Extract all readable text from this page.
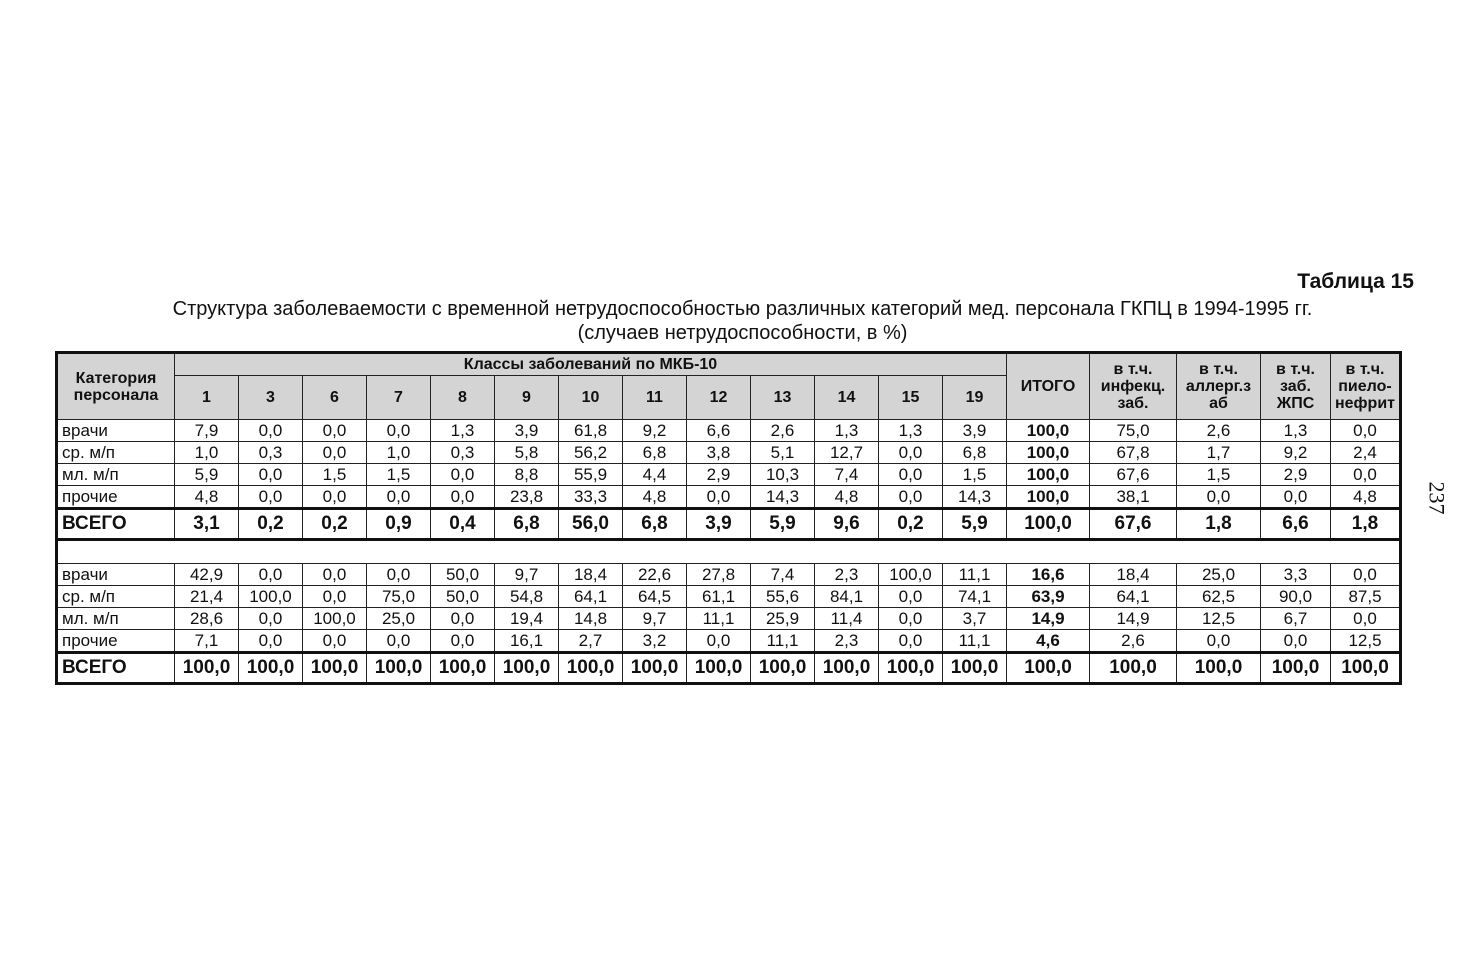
Таблица 15
Структура заболеваемости с временной нетрудоспособностью различных категорий мед. персонала ГКПЦ в 1994-1995 гг.
(случаев нетрудоспособности, в %)
237
Категория персонала	Классы заболеваний по МКБ-10													ИТОГО	в т.ч. инфекц. заб.	в т.ч. аллерг.з аб	в т.ч. заб. ЖПС	в т.ч. пиело-нефрит
	1	3	6	7	8	9	10	11	12	13	14	15	19					
врачи	7,9	0,0	0,0	0,0	1,3	3,9	61,8	9,2	6,6	2,6	1,3	1,3	3,9	100,0	75,0	2,6	1,3	0,0
ср. м/п	1,0	0,3	0,0	1,0	0,3	5,8	56,2	6,8	3,8	5,1	12,7	0,0	6,8	100,0	67,8	1,7	9,2	2,4
мл. м/п	5,9	0,0	1,5	1,5	0,0	8,8	55,9	4,4	2,9	10,3	7,4	0,0	1,5	100,0	67,6	1,5	2,9	0,0
прочие	4,8	0,0	0,0	0,0	0,0	23,8	33,3	4,8	0,0	14,3	4,8	0,0	14,3	100,0	38,1	0,0	0,0	4,8
ВСЕГО	3,1	0,2	0,2	0,9	0,4	6,8	56,0	6,8	3,9	5,9	9,6	0,2	5,9	100,0	67,6	1,8	6,6	1,8

врачи	42,9	0,0	0,0	0,0	50,0	9,7	18,4	22,6	27,8	7,4	2,3	100,0	11,1	16,6	18,4	25,0	3,3	0,0
ср. м/п	21,4	100,0	0,0	75,0	50,0	54,8	64,1	64,5	61,1	55,6	84,1	0,0	74,1	63,9	64,1	62,5	90,0	87,5
мл. м/п	28,6	0,0	100,0	25,0	0,0	19,4	14,8	9,7	11,1	25,9	11,4	0,0	3,7	14,9	14,9	12,5	6,7	0,0
прочие	7,1	0,0	0,0	0,0	0,0	16,1	2,7	3,2	0,0	11,1	2,3	0,0	11,1	4,6	2,6	0,0	0,0	12,5
ВСЕГО	100,0	100,0	100,0	100,0	100,0	100,0	100,0	100,0	100,0	100,0	100,0	100,0	100,0	100,0	100,0	100,0	100,0	100,0
